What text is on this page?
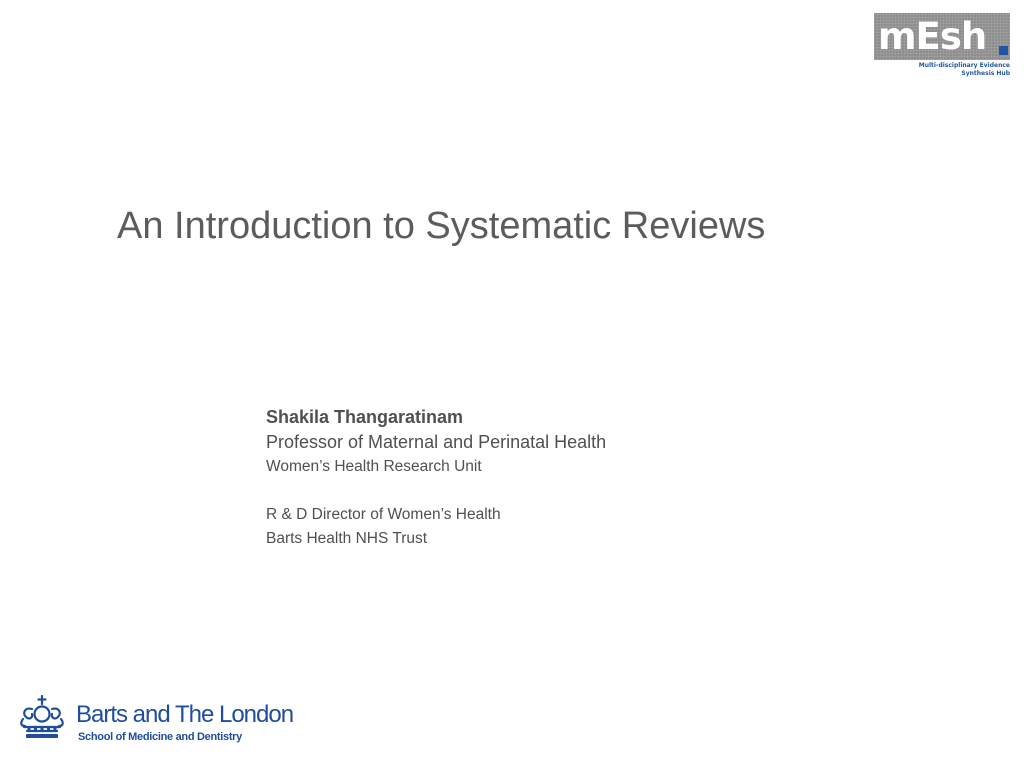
mEsh
Multi-disciplinary Evidence
Synthesis Hub
An Introduction to Systematic Reviews
Shakila Thangaratinam
Professor of Maternal and Perinatal Health
Women’s Health Research Unit
R & D Director of Women’s Health
Barts Health NHS Trust
Barts and The London
School of Medicine and Dentistry
